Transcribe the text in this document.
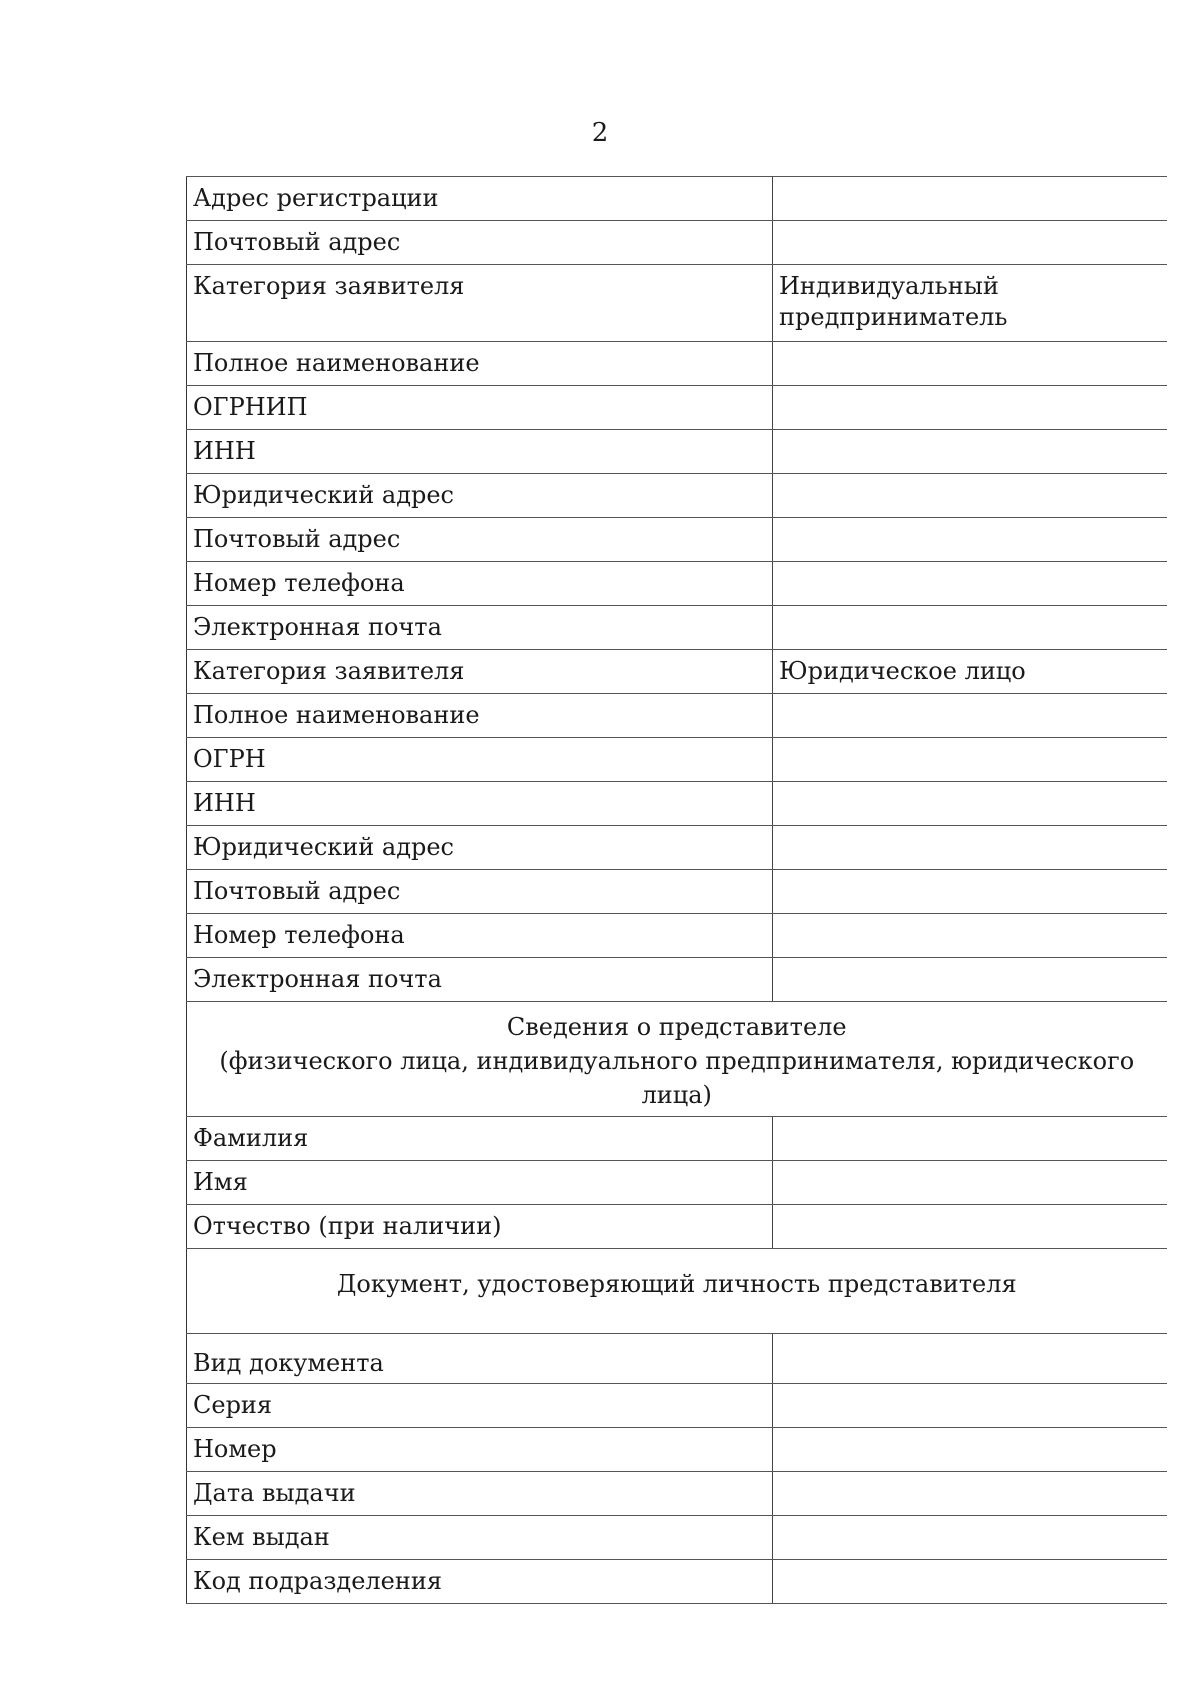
2
Адрес регистрации	
Почтовый адрес	
Категория заявителя	Индивидуальный
предприниматель

Полное наименование	
ОГРНИП	
ИНН	
Юридический адрес	
Почтовый адрес	
Номер телефона	
Электронная почта	
Категория заявителя	Юридическое лицо
Полное наименование	
ОГРН	
ИНН	
Юридический адрес	
Почтовый адрес	
Номер телефона	
Электронная почта	

Сведения о представителе
(физического лица, индивидуального предпринимателя, юридического лица)	

Фамилия	
Имя	
Отчество (при наличии)	
Документ, удостоверяющий личность представителя	
Вид документа	
Серия	
Номер	
Дата выдачи	
Кем выдан	
Код подразделения	
